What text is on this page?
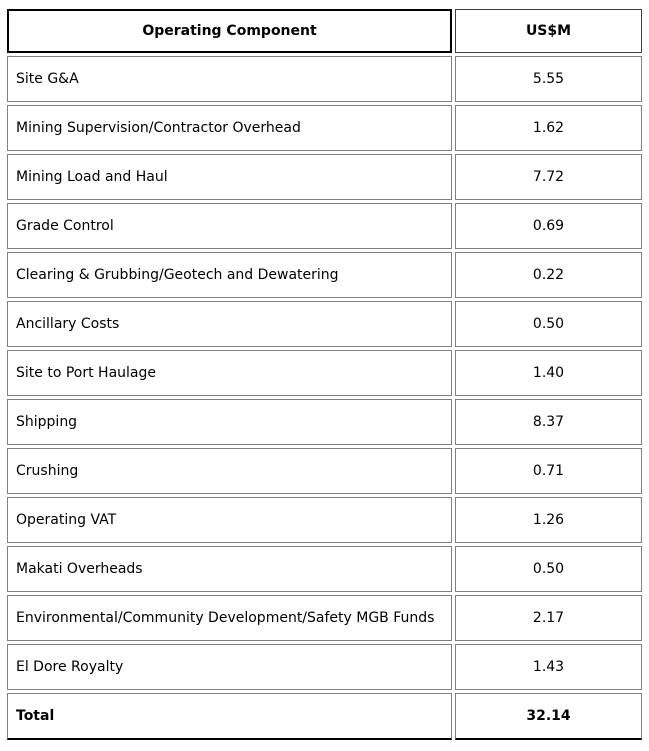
Operating Component	US$M
Site G&A	5.55
Mining Supervision/Contractor Overhead	1.62
Mining Load and Haul	7.72
Grade Control	0.69
Clearing & Grubbing/Geotech and Dewatering	0.22
Ancillary Costs	0.50
Site to Port Haulage	1.40
Shipping	8.37
Crushing	0.71
Operating VAT	1.26
Makati Overheads	0.50
Environmental/Community Development/Safety MGB Funds	2.17
El Dore Royalty	1.43
Total	32.14
